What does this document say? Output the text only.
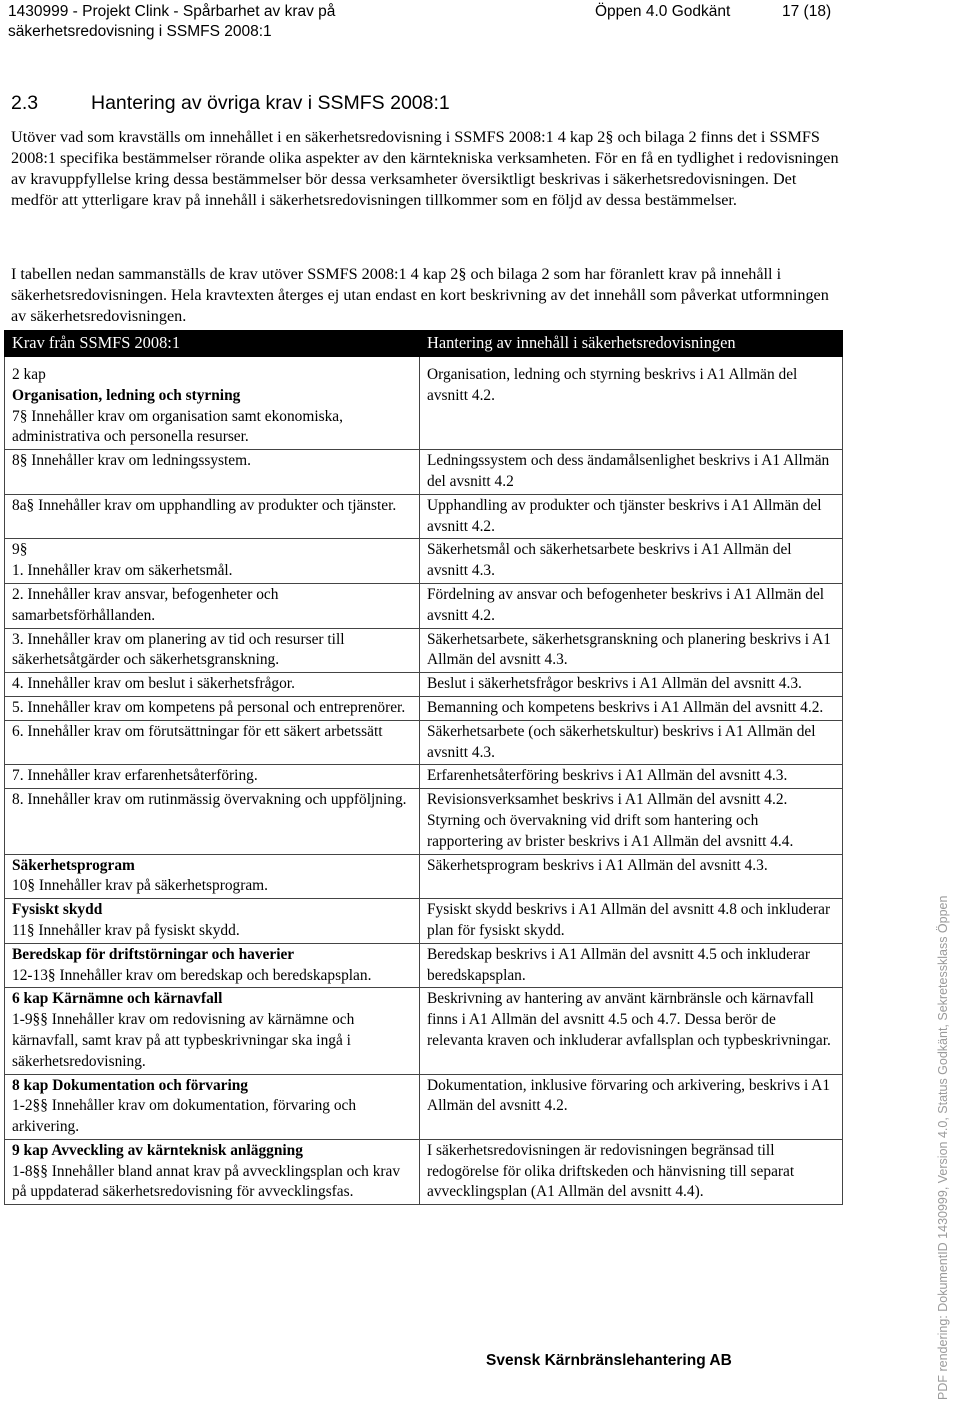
1430999 - Projekt Clink - Spårbarhet av krav på
säkerhetsredovisning i SSMFS 2008:1
Öppen 4.0 Godkänt	17 (18)
2.3	Hantering av övriga krav i SSMFS 2008:1
Utöver vad som kravställs om innehållet i en säkerhetsredovisning i SSMFS 2008:1 4 kap 2§ och bilaga 2 finns det i SSMFS 2008:1 specifika bestämmelser rörande olika aspekter av den kärntekniska verksamheten. För en få en tydlighet i redovisningen av kravuppfyllelse kring dessa bestämmelser bör dessa verksamheter översiktligt beskrivas i säkerhetsredovisningen. Det medför att ytterligare krav på innehåll i säkerhetsredovisningen tillkommer som en följd av dessa bestämmelser.
I tabellen nedan sammanställs de krav utöver SSMFS 2008:1 4 kap 2§ och bilaga 2 som har föranlett krav på innehåll i säkerhetsredovisningen. Hela kravtexten återges ej utan endast en kort beskrivning av det innehåll som påverkat utformningen av säkerhetsredovisningen.
Krav från SSMFS 2008:1	Hantering av innehåll i säkerhetsredovisningen

2 kap
Organisation, ledning och styrning
7§ Innehåller krav om organisation samt ekonomiska, administrativa och personella resurser.	Organisation, ledning och styrning beskrivs i A1 Allmän del avsnitt 4.2.

8§ Innehåller krav om ledningssystem.	Ledningssystem och dess ändamålsenlighet beskrivs i A1 Allmän del avsnitt 4.2

8a§ Innehåller krav om upphandling av produkter och tjänster.	Upphandling av produkter och tjänster beskrivs i A1 Allmän del avsnitt 4.2.

9§
1. Innehåller krav om säkerhetsmål.	Säkerhetsmål och säkerhetsarbete beskrivs i A1 Allmän del avsnitt 4.3.

2. Innehåller krav ansvar, befogenheter och samarbetsförhållanden.	Fördelning av ansvar och befogenheter beskrivs i A1 Allmän del avsnitt 4.2.

3. Innehåller krav om planering av tid och resurser till säkerhetsåtgärder och säkerhetsgranskning.	Säkerhetsarbete, säkerhetsgranskning och planering beskrivs i A1 Allmän del avsnitt 4.3.

4. Innehåller krav om beslut i säkerhetsfrågor.	Beslut i säkerhetsfrågor beskrivs i A1 Allmän del avsnitt 4.3.

5. Innehåller krav om kompetens på personal och entreprenörer.	Bemanning och kompetens beskrivs i A1 Allmän del avsnitt 4.2.

6. Innehåller krav om förutsättningar för ett säkert arbetssätt	Säkerhetsarbete (och säkerhetskultur) beskrivs i A1 Allmän del avsnitt 4.3.

7. Innehåller krav erfarenhetsåterföring.	Erfarenhetsåterföring beskrivs i A1 Allmän del avsnitt 4.3.

8. Innehåller krav om rutinmässig övervakning och uppföljning.	Revisionsverksamhet beskrivs i A1 Allmän del avsnitt 4.2. Styrning och övervakning vid drift som hantering och rapportering av brister beskrivs i A1 Allmän del avsnitt 4.4.

Säkerhetsprogram
10§ Innehåller krav på säkerhetsprogram.	Säkerhetsprogram beskrivs i A1 Allmän del avsnitt 4.3.

Fysiskt skydd
11§ Innehåller krav på fysiskt skydd.	Fysiskt skydd beskrivs i A1 Allmän del avsnitt 4.8 och inkluderar plan för fysiskt skydd.

Beredskap för driftstörningar och haverier
12-13§ Innehåller krav om beredskap och beredskapsplan.	Beredskap beskrivs i A1 Allmän del avsnitt 4.5 och inkluderar beredskapsplan.

6 kap Kärnämne och kärnavfall
1-9§§ Innehåller krav om redovisning av kärnämne och kärnavfall, samt krav på att typbeskrivningar ska ingå i säkerhetsredovisning.	Beskrivning av hantering av använt kärnbränsle och kärnavfall finns i A1 Allmän del avsnitt 4.5 och 4.7. Dessa berör de relevanta kraven och inkluderar avfallsplan och typbeskrivningar.

8 kap Dokumentation och förvaring
1-2§§ Innehåller krav om dokumentation, förvaring och arkivering.	Dokumentation, inklusive förvaring och arkivering, beskrivs i A1 Allmän del avsnitt 4.2.

9 kap Avveckling av kärnteknisk anläggning
1-8§§ Innehåller bland annat krav på avvecklingsplan och krav på uppdaterad säkerhetsredovisning för avvecklingsfas.	I säkerhetsredovisningen är redovisningen begränsad till redogörelse för olika driftskeden och hänvisning till separat avvecklingsplan (A1 Allmän del avsnitt 4.4).
Svensk Kärnbränslehantering AB	PDF rendering: DokumentID 1430999, Version 4.0, Status Godkänt, Sekretessklass Öppen
